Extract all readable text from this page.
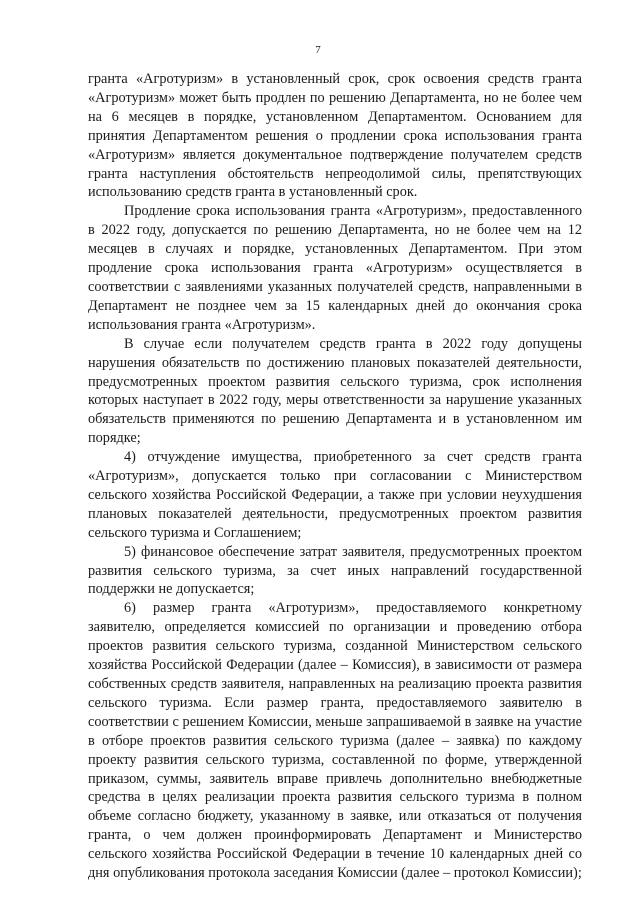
7

гранта «Агротуризм» в установленный срок, срок освоения средств гранта «Агротуризм» может быть продлен по решению Департамента, но не более чем на 6 месяцев в порядке, установленном Департаментом. Основанием для принятия Департаментом решения о продлении срока использования гранта «Агротуризм» является документальное подтверждение получателем средств гранта наступления обстоятельств непреодолимой силы, препятствующих использованию средств гранта в установленный срок.

Продление срока использования гранта «Агротуризм», предоставленного в 2022 году, допускается по решению Департамента, но не более чем на 12 месяцев в случаях и порядке, установленных Департаментом. При этом продление срока использования гранта «Агротуризм» осуществляется в соответствии с заявлениями указанных получателей средств, направленными в Департамент не позднее чем за 15 календарных дней до окончания срока использования гранта «Агротуризм».

В случае если получателем средств гранта в 2022 году допущены нарушения обязательств по достижению плановых показателей деятельности, предусмотренных проектом развития сельского туризма, срок исполнения которых наступает в 2022 году, меры ответственности за нарушение указанных обязательств применяются по решению Департамента и в установленном им порядке;

4) отчуждение имущества, приобретенного за счет средств гранта «Агротуризм», допускается только при согласовании с Министерством сельского хозяйства Российской Федерации, а также при условии неухудшения плановых показателей деятельности, предусмотренных проектом развития сельского туризма и Соглашением;

5) финансовое обеспечение затрат заявителя, предусмотренных проектом развития сельского туризма, за счет иных направлений государственной поддержки не допускается;

6) размер гранта «Агротуризм», предоставляемого конкретному заявителю, определяется комиссией по организации и проведению отбора проектов развития сельского туризма, созданной Министерством сельского хозяйства Российской Федерации (далее – Комиссия), в зависимости от размера собственных средств заявителя, направленных на реализацию проекта развития сельского туризма. Если размер гранта, предоставляемого заявителю в соответствии с решением Комиссии, меньше запрашиваемой в заявке на участие в отборе проектов развития сельского туризма (далее – заявка) по каждому проекту развития сельского туризма, составленной по форме, утвержденной приказом, суммы, заявитель вправе привлечь дополнительно внебюджетные средства в целях реализации проекта развития сельского туризма в полном объеме согласно бюджету, указанному в заявке, или отказаться от получения гранта, о чем должен проинформировать Департамент и Министерство сельского хозяйства Российской Федерации в течение 10 календарных дней со дня опубликования протокола заседания Комиссии (далее – протокол Комиссии);
